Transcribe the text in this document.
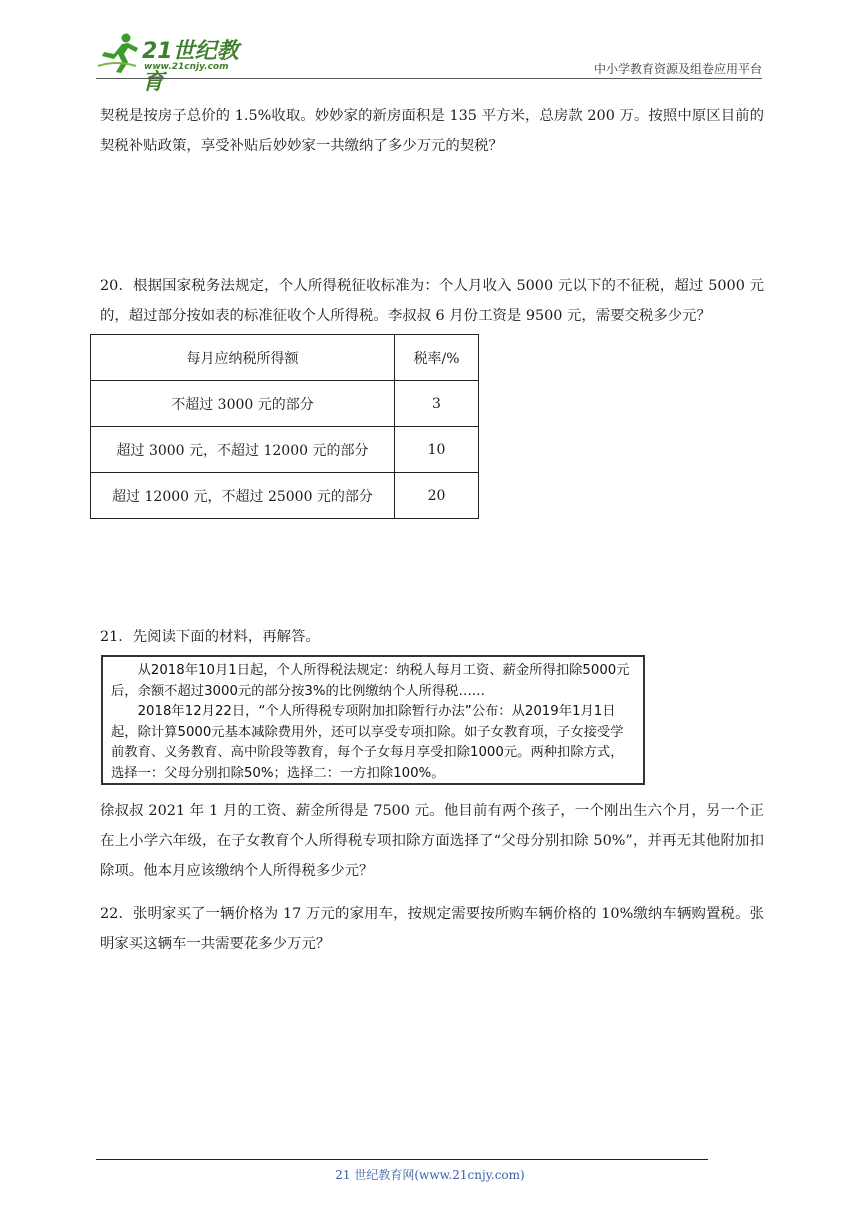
21世纪教育
www.21cnjy.com	中小学教育资源及组卷应用平台
契税是按房子总价的 1.5%收取。妙妙家的新房面积是 135 平方米，总房款 200 万。按照中原区目前的契税补贴政策，享受补贴后妙妙家一共缴纳了多少万元的契税？
20．根据国家税务法规定，个人所得税征收标准为：个人月收入 5000 元以下的不征税，超过 5000 元的，超过部分按如表的标准征收个人所得税。李叔叔 6 月份工资是 9500 元，需要交税多少元？
每月应纳税所得额	税率/%
不超过 3000 元的部分	3
超过 3000 元，不超过 12000 元的部分	10
超过 12000 元，不超过 25000 元的部分	20
21．先阅读下面的材料，再解答。

从2018年10月1日起，个人所得税法规定：纳税人每月工资、薪金所得扣除5000元后，余额不超过3000元的部分按3%的比例缴纳个人所得税……

2018年12月22日，“个人所得税专项附加扣除暂行办法”公布：从2019年1月1日起，除计算5000元基本减除费用外，还可以享受专项扣除。如子女教育项，子女接受学前教育、义务教育、高中阶段等教育，每个子女每月享受扣除1000元。两种扣除方式，选择一：父母分别扣除50%；选择二：一方扣除100%。

徐叔叔 2021 年 1 月的工资、薪金所得是 7500 元。他目前有两个孩子，一个刚出生六个月，另一个正在上小学六年级，在子女教育个人所得税专项扣除方面选择了“父母分别扣除 50%”，并再无其他附加扣除项。他本月应该缴纳个人所得税多少元？
22．张明家买了一辆价格为 17 万元的家用车，按规定需要按所购车辆价格的 10%缴纳车辆购置税。张明家买这辆车一共需要花多少万元？
21 世纪教育网(www.21cnjy.com)
